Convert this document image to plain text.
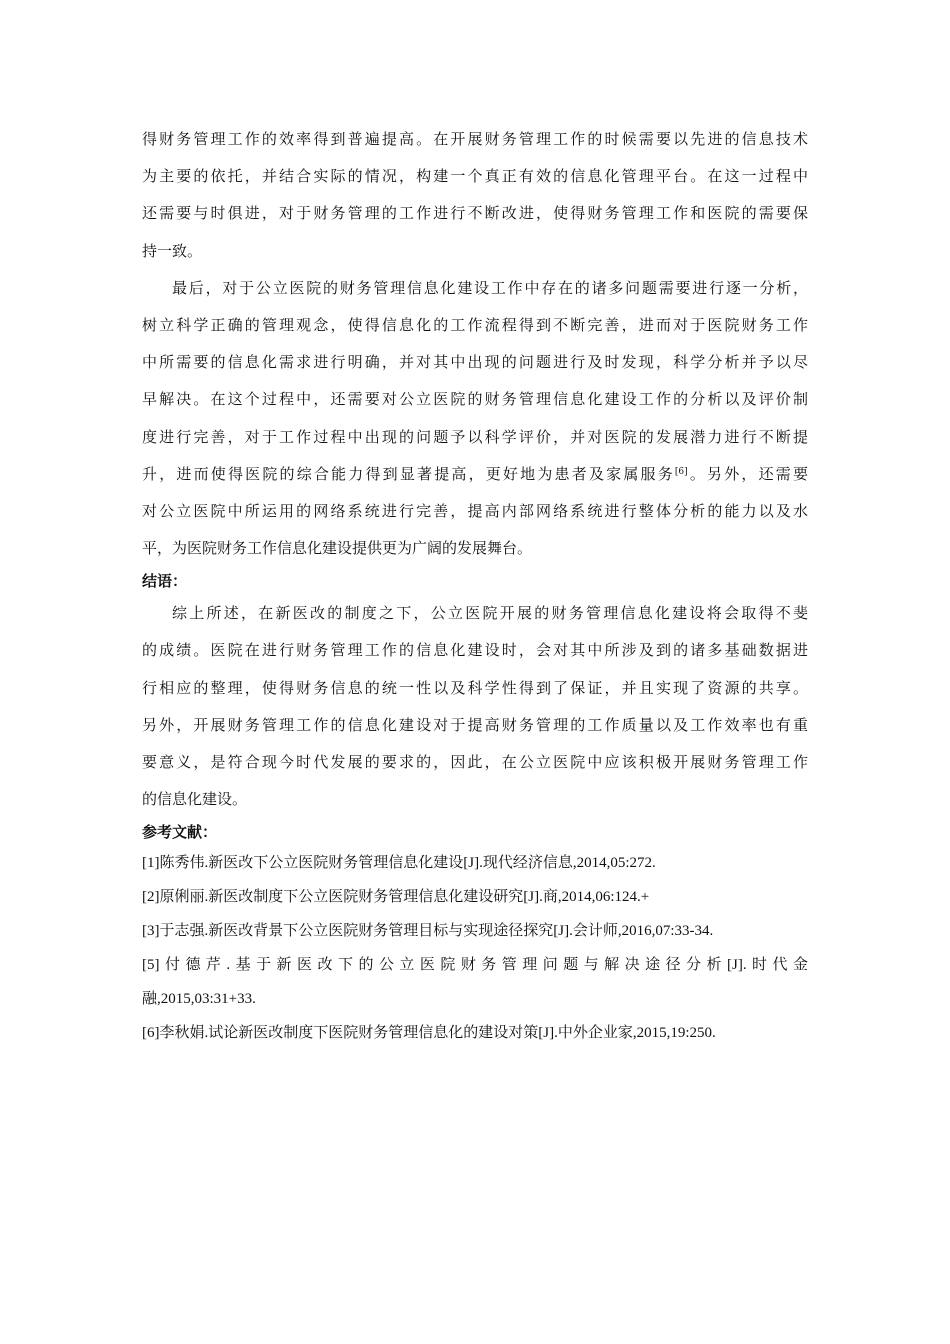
得财务管理工作的效率得到普遍提高。在开展财务管理工作的时候需要以先进的信息技术
为主要的依托，并结合实际的情况，构建一个真正有效的信息化管理平台。在这一过程中
还需要与时俱进，对于财务管理的工作进行不断改进，使得财务管理工作和医院的需要保
持一致。
最后，对于公立医院的财务管理信息化建设工作中存在的诸多问题需要进行逐一分析，
树立科学正确的管理观念，使得信息化的工作流程得到不断完善，进而对于医院财务工作
中所需要的信息化需求进行明确，并对其中出现的问题进行及时发现，科学分析并予以尽
早解决。在这个过程中，还需要对公立医院的财务管理信息化建设工作的分析以及评价制
度进行完善，对于工作过程中出现的问题予以科学评价，并对医院的发展潜力进行不断提
升，进而使得医院的综合能力得到显著提高，更好地为患者及家属服务[6]。另外，还需要
对公立医院中所运用的网络系统进行完善，提高内部网络系统进行整体分析的能力以及水
平，为医院财务工作信息化建设提供更为广阔的发展舞台。
结语：
综上所述，在新医改的制度之下，公立医院开展的财务管理信息化建设将会取得不斐
的成绩。医院在进行财务管理工作的信息化建设时，会对其中所涉及到的诸多基础数据进
行相应的整理，使得财务信息的统一性以及科学性得到了保证，并且实现了资源的共享。
另外，开展财务管理工作的信息化建设对于提高财务管理的工作质量以及工作效率也有重
要意义，是符合现今时代发展的要求的，因此，在公立医院中应该积极开展财务管理工作
的信息化建设。
参考文献：
[1]陈秀伟.新医改下公立医院财务管理信息化建设[J].现代经济信息,2014,05:272.
[2]原俐丽.新医改制度下公立医院财务管理信息化建设研究[J].商,2014,06:124.+
[3]于志强.新医改背景下公立医院财务管理目标与实现途径探究[J].会计师,2016,07:33-34.
[5]付德芹.基于新医改下的公立医院财务管理问题与解决途径分析[J].时代金
融,2015,03:31+33.
[6]李秋娟.试论新医改制度下医院财务管理信息化的建设对策[J].中外企业家,2015,19:250.
